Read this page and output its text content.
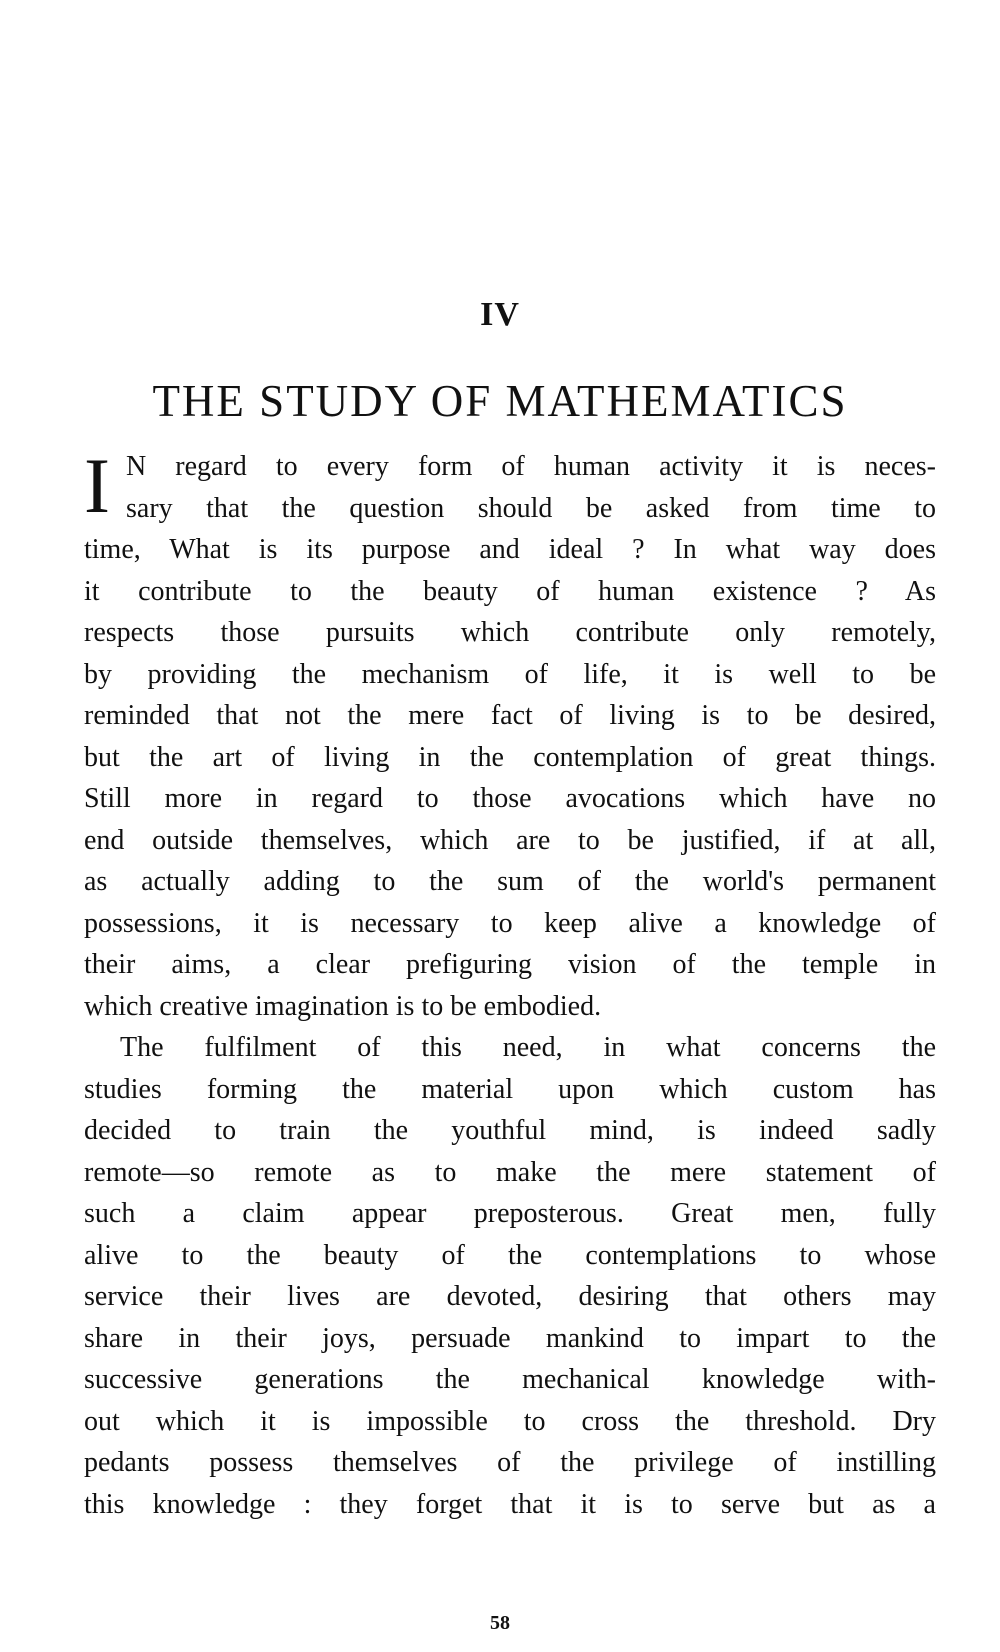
IV
THE STUDY OF MATHEMATICS
I N regard to every form of human activity it is neces-
sary that the question should be asked from time to
time, What is its purpose and ideal ? In what way does
it contribute to the beauty of human existence ? As
respects those pursuits which contribute only remotely,
by providing the mechanism of life, it is well to be
reminded that not the mere fact of living is to be desired,
but the art of living in the contemplation of great things.
Still more in regard to those avocations which have no
end outside themselves, which are to be justified, if at all,
as actually adding to the sum of the world's permanent
possessions, it is necessary to keep alive a knowledge of
their aims, a clear prefiguring vision of the temple in
which creative imagination is to be embodied.
The fulfilment of this need, in what concerns the
studies forming the material upon which custom has
decided to train the youthful mind, is indeed sadly
remote—so remote as to make the mere statement of
such a claim appear preposterous. Great men, fully
alive to the beauty of the contemplations to whose
service their lives are devoted, desiring that others may
share in their joys, persuade mankind to impart to the
successive generations the mechanical knowledge with-
out which it is impossible to cross the threshold. Dry
pedants possess themselves of the privilege of instilling
this knowledge : they forget that it is to serve but as a
58
